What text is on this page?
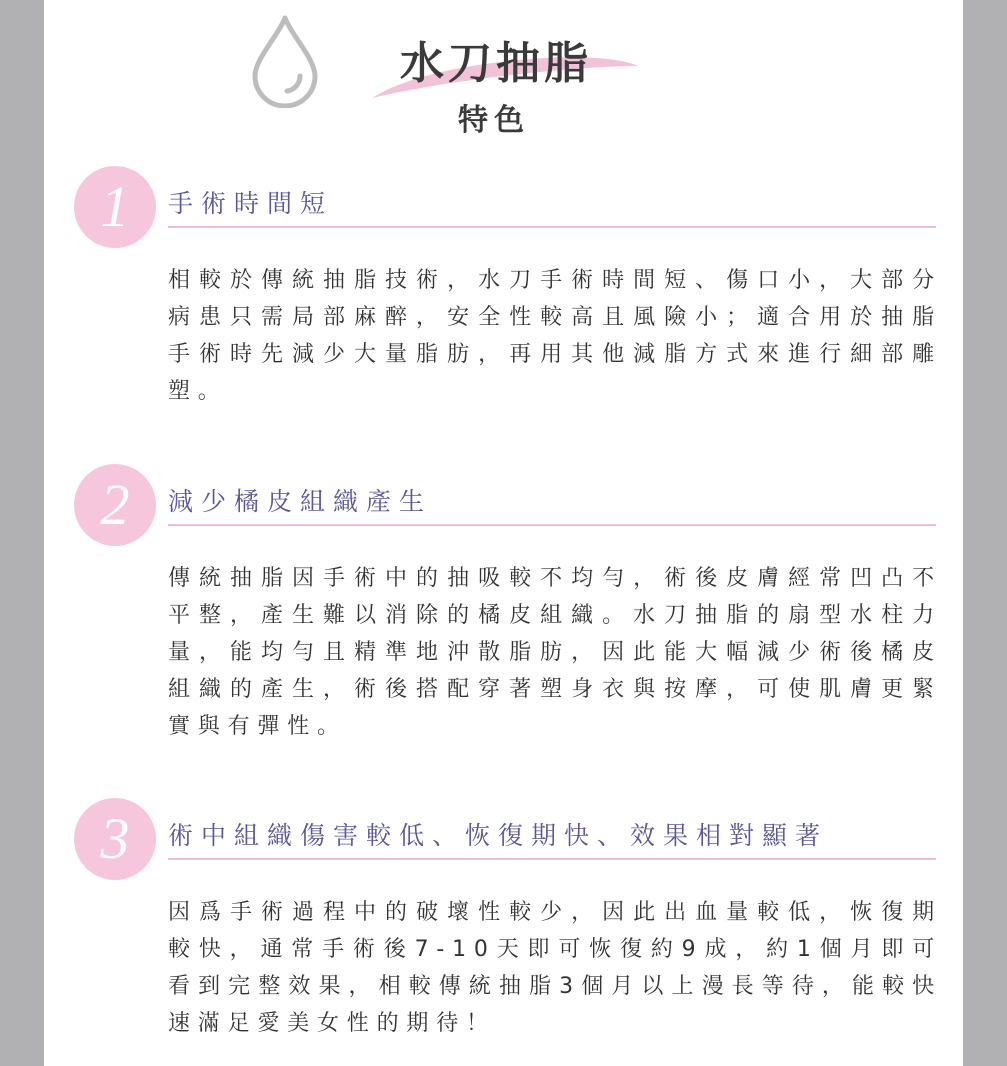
水刀抽脂
特色
1	手術時間短
相較於傳統抽脂技術，水刀手術時間短、傷口小，大部分病患只需局部麻醉，安全性較高且風險小；適合用於抽脂手術時先減少大量脂肪，再用其他減脂方式來進行細部雕塑。
2	減少橘皮組織產生
傳統抽脂因手術中的抽吸較不均勻，術後皮膚經常凹凸不平整，產生難以消除的橘皮組織。水刀抽脂的扇型水柱力量，能均勻且精準地沖散脂肪，因此能大幅減少術後橘皮組織的產生，術後搭配穿著塑身衣與按摩，可使肌膚更緊實與有彈性。
3	術中組織傷害較低、恢復期快、效果相對顯著
因爲手術過程中的破壞性較少，因此出血量較低，恢復期較快，通常手術後7-10天即可恢復約9成，約1個月即可看到完整效果，相較傳統抽脂3個月以上漫長等待，能較快速滿足愛美女性的期待！
